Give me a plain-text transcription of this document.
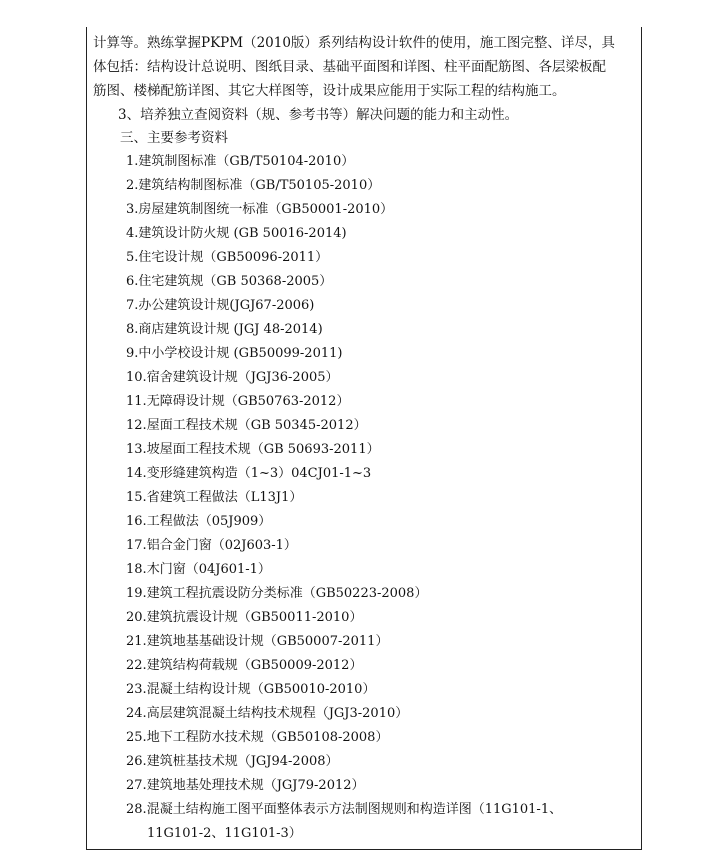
计算等。熟练掌握PKPM（2010版）系列结构设计软件的使用，施工图完整、详尽，具
体包括：结构设计总说明、图纸目录、基础平面图和详图、柱平面配筋图、各层梁板配
筋图、楼梯配筋详图、其它大样图等，设计成果应能用于实际工程的结构施工。
3、培养独立查阅资料（规、参考书等）解决问题的能力和主动性。
三、主要参考资料
1.建筑制图标准（GB/T50104-2010）
2.建筑结构制图标准（GB/T50105-2010）
3.房屋建筑制图统一标准（GB50001-2010）
4.建筑设计防火规 (GB 50016-2014)
5.住宅设计规（GB50096-2011）
6.住宅建筑规（GB 50368-2005）
7.办公建筑设计规(JGJ67-2006)
8.商店建筑设计规 (JGJ 48-2014)
9.中小学校设计规 (GB50099-2011)
10.宿舍建筑设计规（JGJ36-2005）
11.无障碍设计规（GB50763-2012）
12.屋面工程技术规（GB 50345-2012）
13.坡屋面工程技术规（GB 50693-2011）
14.变形缝建筑构造（1~3）04CJ01-1~3
15.省建筑工程做法（L13J1）
16.工程做法（05J909）
17.铝合金门窗（02J603-1）
18.木门窗（04J601-1）
19.建筑工程抗震设防分类标准（GB50223-2008）
20.建筑抗震设计规（GB50011-2010）
21.建筑地基基础设计规（GB50007-2011）
22.建筑结构荷载规（GB50009-2012）
23.混凝土结构设计规（GB50010-2010）
24.高层建筑混凝土结构技术规程（JGJ3-2010）
25.地下工程防水技术规（GB50108-2008）
26.建筑桩基技术规（JGJ94-2008）
27.建筑地基处理技术规（JGJ79-2012）
28.混凝土结构施工图平面整体表示方法制图规则和构造详图（11G101-1、
11G101-2、11G101-3）
